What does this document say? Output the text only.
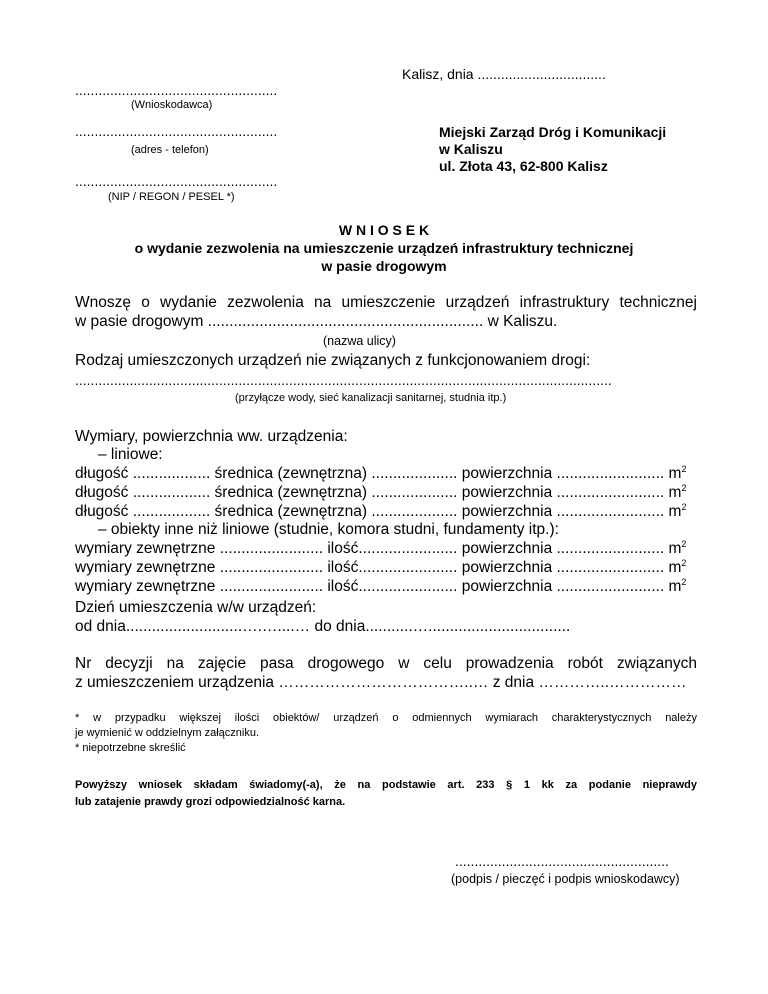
Kalisz, dnia .................................
....................................................
(Wnioskodawca)
....................................................
(adres - telefon)
....................................................
(NIP / REGON / PESEL *)
Miejski Zarząd Dróg i Komunikacji
w Kaliszu
ul. Złota 43, 62-800 Kalisz
W N I O S E K
o wydanie zezwolenia na umieszczenie urządzeń infrastruktury technicznej
w pasie drogowym
Wnoszę o wydanie zezwolenia na umieszczenie urządzeń infrastruktury technicznej
w pasie drogowym ................................................................ w Kaliszu.
(nazwa ulicy)
Rodzaj umieszczonych urządzeń nie związanych z funkcjonowaniem drogi:
..........................................................................................................................................
(przyłącze wody, sieć kanalizacji sanitarnej, studnia itp.)
Wymiary, powierzchnia ww. urządzenia:
– liniowe:
długość .................. średnica (zewnętrzna) .................... powierzchnia ......................... $m^2$
długość .................. średnica (zewnętrzna) .................... powierzchnia ......................... $m^2$
długość .................. średnica (zewnętrzna) .................... powierzchnia ......................... $m^2$
– obiekty inne niż liniowe (studnie, komora studni, fundamenty itp.):
wymiary zewnętrzne ........................ ilość....................... powierzchnia ......................... $m^2$
wymiary zewnętrzne ........................ ilość....................... powierzchnia ......................... $m^2$
wymiary zewnętrzne ........................ ilość....................... powierzchnia ......................... $m^2$
Dzień umieszczenia w/w urządzeń:
od dnia...........................….…....… do dnia...........….................................
Nr decyzji na zajęcie pasa drogowego w celu prowadzenia robót związanych
z umieszczeniem urządzenia ………………………………..… z dnia …………..……………
* w przypadku większej ilości obiektów/ urządzeń o odmiennych wymiarach charakterystycznych należy
je wymienić w oddzielnym załączniku.
* niepotrzebne skreślić
Powyższy wniosek składam świadomy(-a), że na podstawie art. 233 § 1 kk za podanie nieprawdy
lub zatajenie prawdy grozi odpowiedzialność karna.
.......................................................
(podpis / pieczęć i podpis wnioskodawcy)
